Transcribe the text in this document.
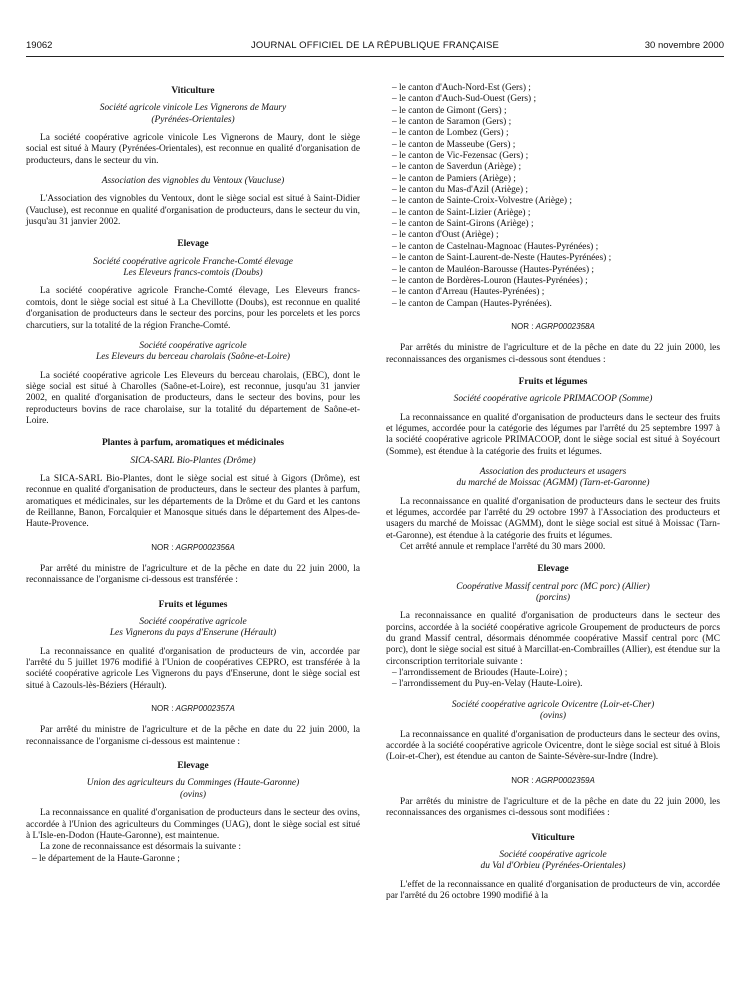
19062	JOURNAL OFFICIEL DE LA RÉPUBLIQUE FRANÇAISE	30 novembre 2000

Viticulture

Société agricole vinicole Les Vignerons de Maury

(Pyrénées-Orientales)

La société coopérative agricole vinicole Les Vignerons de Maury, dont le siège social est situé à Maury (Pyrénées-Orientales), est reconnue en qualité d'organisation de producteurs, dans le secteur du vin.

Association des vignobles du Ventoux (Vaucluse)

L'Association des vignobles du Ventoux, dont le siège social est situé à Saint-Didier (Vaucluse), est reconnue en qualité d'organisation de producteurs, dans le secteur du vin, jusqu'au 31 janvier 2002.

Elevage

Société coopérative agricole Franche-Comté élevage

Les Eleveurs francs-comtois (Doubs)

La société coopérative agricole Franche-Comté élevage, Les Eleveurs francs-comtois, dont le siège social est situé à La Chevillotte (Doubs), est reconnue en qualité d'organisation de producteurs dans le secteur des porcins, pour les porcelets et les porcs charcutiers, sur la totalité de la région Franche-Comté.

Société coopérative agricole

Les Eleveurs du berceau charolais (Saône-et-Loire)

La société coopérative agricole Les Eleveurs du berceau charolais, (EBC), dont le siège social est situé à Charolles (Saône-et-Loire), est reconnue, jusqu'au 31 janvier 2002, en qualité d'organisation de producteurs, dans le secteur des bovins, pour les reproducteurs bovins de race charolaise, sur la totalité du département de Saône-et-Loire.

Plantes à parfum, aromatiques et médicinales

SICA-SARL Bio-Plantes (Drôme)

La SICA-SARL Bio-Plantes, dont le siège social est situé à Gigors (Drôme), est reconnue en qualité d'organisation de producteurs, dans le secteur des plantes à parfum, aromatiques et médicinales, sur les départements de la Drôme et du Gard et les cantons de Reillanne, Banon, Forcalquier et Manosque situés dans le département des Alpes-de-Haute-Provence.

NOR : AGRP0002356A

Par arrêté du ministre de l'agriculture et de la pêche en date du 22 juin 2000, la reconnaissance de l'organisme ci-dessous est transférée :

Fruits et légumes

Société coopérative agricole

Les Vignerons du pays d'Enserune (Hérault)

La reconnaissance en qualité d'organisation de producteurs de vin, accordée par l'arrêté du 5 juillet 1976 modifié à l'Union de coopératives CEPRO, est transférée à la société coopérative agricole Les Vignerons du pays d'Enserune, dont le siège social est situé à Cazouls-lès-Béziers (Hérault).

NOR : AGRP0002357A

Par arrêté du ministre de l'agriculture et de la pêche en date du 22 juin 2000, la reconnaissance de l'organisme ci-dessous est maintenue :

Elevage

Union des agriculteurs du Comminges (Haute-Garonne)

(ovins)

La reconnaissance en qualité d'organisation de producteurs dans le secteur des ovins, accordée à l'Union des agriculteurs du Comminges (UAG), dont le siège social est situé à L'Isle-en-Dodon (Haute-Garonne), est maintenue.

La zone de reconnaissance est désormais la suivante :

– le département de la Haute-Garonne ;

– le canton d'Auch-Nord-Est (Gers) ;

– le canton d'Auch-Sud-Ouest (Gers) ;

– le canton de Gimont (Gers) ;

– le canton de Saramon (Gers) ;

– le canton de Lombez (Gers) ;

– le canton de Masseube (Gers) ;

– le canton de Vic-Fezensac (Gers) ;

– le canton de Saverdun (Ariège) ;

– le canton de Pamiers (Ariège) ;

– le canton du Mas-d'Azil (Ariège) ;

– le canton de Sainte-Croix-Volvestre (Ariège) ;

– le canton de Saint-Lizier (Ariège) ;

– le canton de Saint-Girons (Ariège) ;

– le canton d'Oust (Ariège) ;

– le canton de Castelnau-Magnoac (Hautes-Pyrénées) ;

– le canton de Saint-Laurent-de-Neste (Hautes-Pyrénées) ;

– le canton de Mauléon-Barousse (Hautes-Pyrénées) ;

– le canton de Bordères-Louron (Hautes-Pyrénées) ;

– le canton d'Arreau (Hautes-Pyrénées) ;

– le canton de Campan (Hautes-Pyrénées).

NOR : AGRP0002358A

Par arrêtés du ministre de l'agriculture et de la pêche en date du 22 juin 2000, les reconnaissances des organismes ci-dessous sont étendues :

Fruits et légumes

Société coopérative agricole PRIMACOOP (Somme)

La reconnaissance en qualité d'organisation de producteurs dans le secteur des fruits et légumes, accordée pour la catégorie des légumes par l'arrêté du 25 septembre 1997 à la société coopérative agricole PRIMACOOP, dont le siège social est situé à Soyécourt (Somme), est étendue à la catégorie des fruits et légumes.

Association des producteurs et usagers

du marché de Moissac (AGMM) (Tarn-et-Garonne)

La reconnaissance en qualité d'organisation de producteurs dans le secteur des fruits et légumes, accordée par l'arrêté du 29 octobre 1997 à l'Association des producteurs et usagers du marché de Moissac (AGMM), dont le siège social est situé à Moissac (Tarn-et-Garonne), est étendue à la catégorie des fruits et légumes.

Cet arrêté annule et remplace l'arrêté du 30 mars 2000.

Elevage

Coopérative Massif central porc (MC porc) (Allier)

(porcins)

La reconnaissance en qualité d'organisation de producteurs dans le secteur des porcins, accordée à la société coopérative agricole Groupement de producteurs de porcs du grand Massif central, désormais dénommée coopérative Massif central porc (MC porc), dont le siège social est situé à Marcillat-en-Combrailles (Allier), est étendue sur la circonscription territoriale suivante :

– l'arrondissement de Brioudes (Haute-Loire) ;

– l'arrondissement du Puy-en-Velay (Haute-Loire).

Société coopérative agricole Ovicentre (Loir-et-Cher)

(ovins)

La reconnaissance en qualité d'organisation de producteurs dans le secteur des ovins, accordée à la société coopérative agricole Ovicentre, dont le siège social est situé à Blois (Loir-et-Cher), est étendue au canton de Sainte-Sévère-sur-Indre (Indre).

NOR : AGRP0002359A

Par arrêtés du ministre de l'agriculture et de la pêche en date du 22 juin 2000, les reconnaissances des organismes ci-dessous sont modifiées :

Viticulture

Société coopérative agricole

du Val d'Orbieu (Pyrénées-Orientales)

L'effet de la reconnaissance en qualité d'organisation de producteurs de vin, accordée par l'arrêté du 26 octobre 1990 modifié à la
